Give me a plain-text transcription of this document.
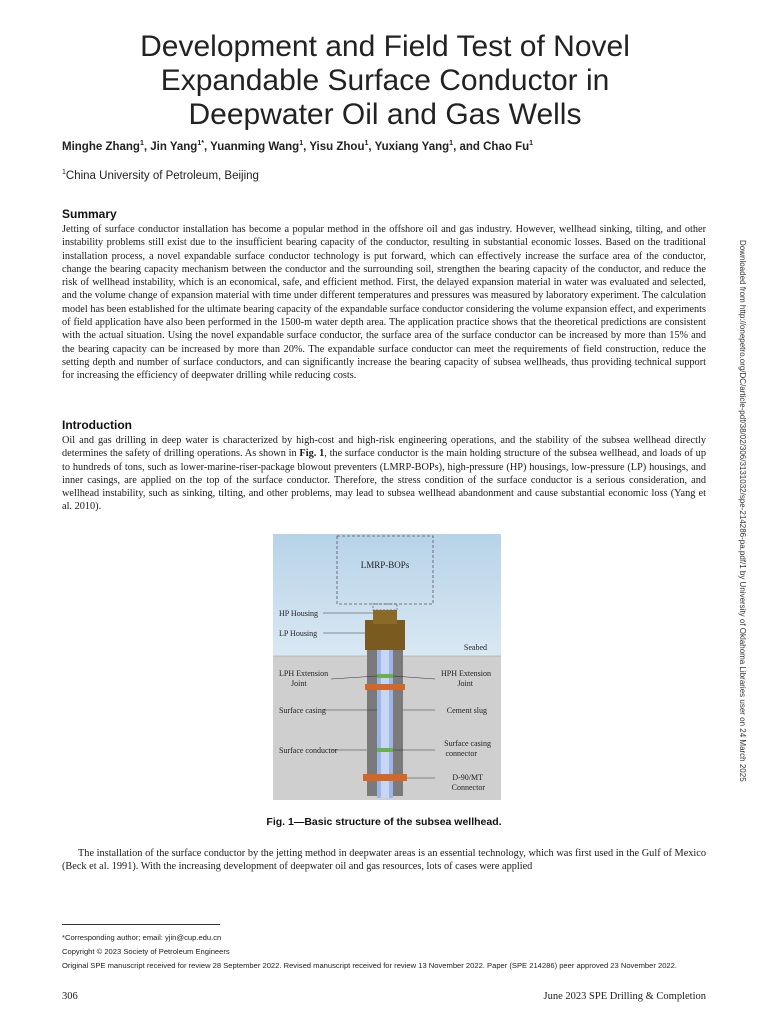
Development and Field Test of Novel
Expandable Surface Conductor in
Deepwater Oil and Gas Wells
Minghe Zhang$^1$, Jin Yang$^{1*}$, Yuanming Wang$^1$, Yisu Zhou$^1$, Yuxiang Yang$^1$, and Chao Fu$^1$
$^1$China University of Petroleum, Beijing
Summary
Jetting of surface conductor installation has become a popular method in the offshore oil and gas industry. However, wellhead sinking, tilting, and other instability problems still exist due to the insufficient bearing capacity of the conductor, resulting in substantial economic losses. Based on the traditional installation process, a novel expandable surface conductor technology is put forward, which can effectively increase the surface area of the conductor, change the bearing capacity mechanism between the conductor and the surrounding soil, strengthen the bearing capacity of the conductor, and reduce the risk of wellhead instability, which is an economical, safe, and efficient method. First, the delayed expansion material in water was evaluated and selected, and the volume change of expansion material with time under different temperatures and pressures was measured by laboratory experiment. The calculation model has been established for the ultimate bearing capacity of the expandable surface conductor considering the volume expansion effect, and experiments of field application have also been performed in the 1500-m water depth area. The application practice shows that the theoretical predictions are consistent with the actual situation. Using the novel expandable surface conductor, the surface area of the surface conductor can be increased by more than 15% and the bearing capacity can be increased by more than 20%. The expandable surface conductor can meet the requirements of field construction, reduce the setting depth and number of surface conductors, and can significantly increase the bearing capacity of subsea wellheads, thus providing technical support for increasing the efficiency of deepwater drilling while reducing costs.
Introduction
Oil and gas drilling in deep water is characterized by high-cost and high-risk engineering operations, and the stability of the subsea wellhead directly determines the safety of drilling operations. As shown in Fig. 1, the surface conductor is the main holding structure of the subsea wellhead, and loads of up to hundreds of tons, such as lower-marine-riser-package blowout preventers (LMRP-BOPs), high-pressure (HP) housings, low-pressure (LP) housings, and inner casings, are applied on the top of the surface conductor. Therefore, the stress condition of the surface conductor is a serious consideration, and wellhead instability, such as sinking, tilting, and other problems, may lead to subsea wellhead abandonment and cause substantial economic loss (Yang et al. 2010).
LMRP-BOPs
HP Housing
LP Housing
Seabed
LPH Extension
Joint
HPH Extension
Joint
Surface casing	Cement slug
Surface conductor
Surface casing
connector
D-90/MT
Connector
Fig. 1—Basic structure of the subsea wellhead.
The installation of the surface conductor by the jetting method in deepwater areas is an essential technology, which was first used in the Gulf of Mexico (Beck et al. 1991). With the increasing development of deepwater oil and gas resources, lots of cases were applied
Downloaded from http://onepetro.org/DC/article-pdf/38/02/306/3131032/spe-214286-pa.pdf/1 by University of Oklahoma Libraries user on 24 March 2025
*Corresponding author; email: yjin@cup.edu.cn
Copyright © 2023 Society of Petroleum Engineers
Original SPE manuscript received for review 28 September 2022. Revised manuscript received for review 13 November 2022. Paper (SPE 214286) peer approved 23 November 2022.
306	June 2023 SPE Drilling & Completion
